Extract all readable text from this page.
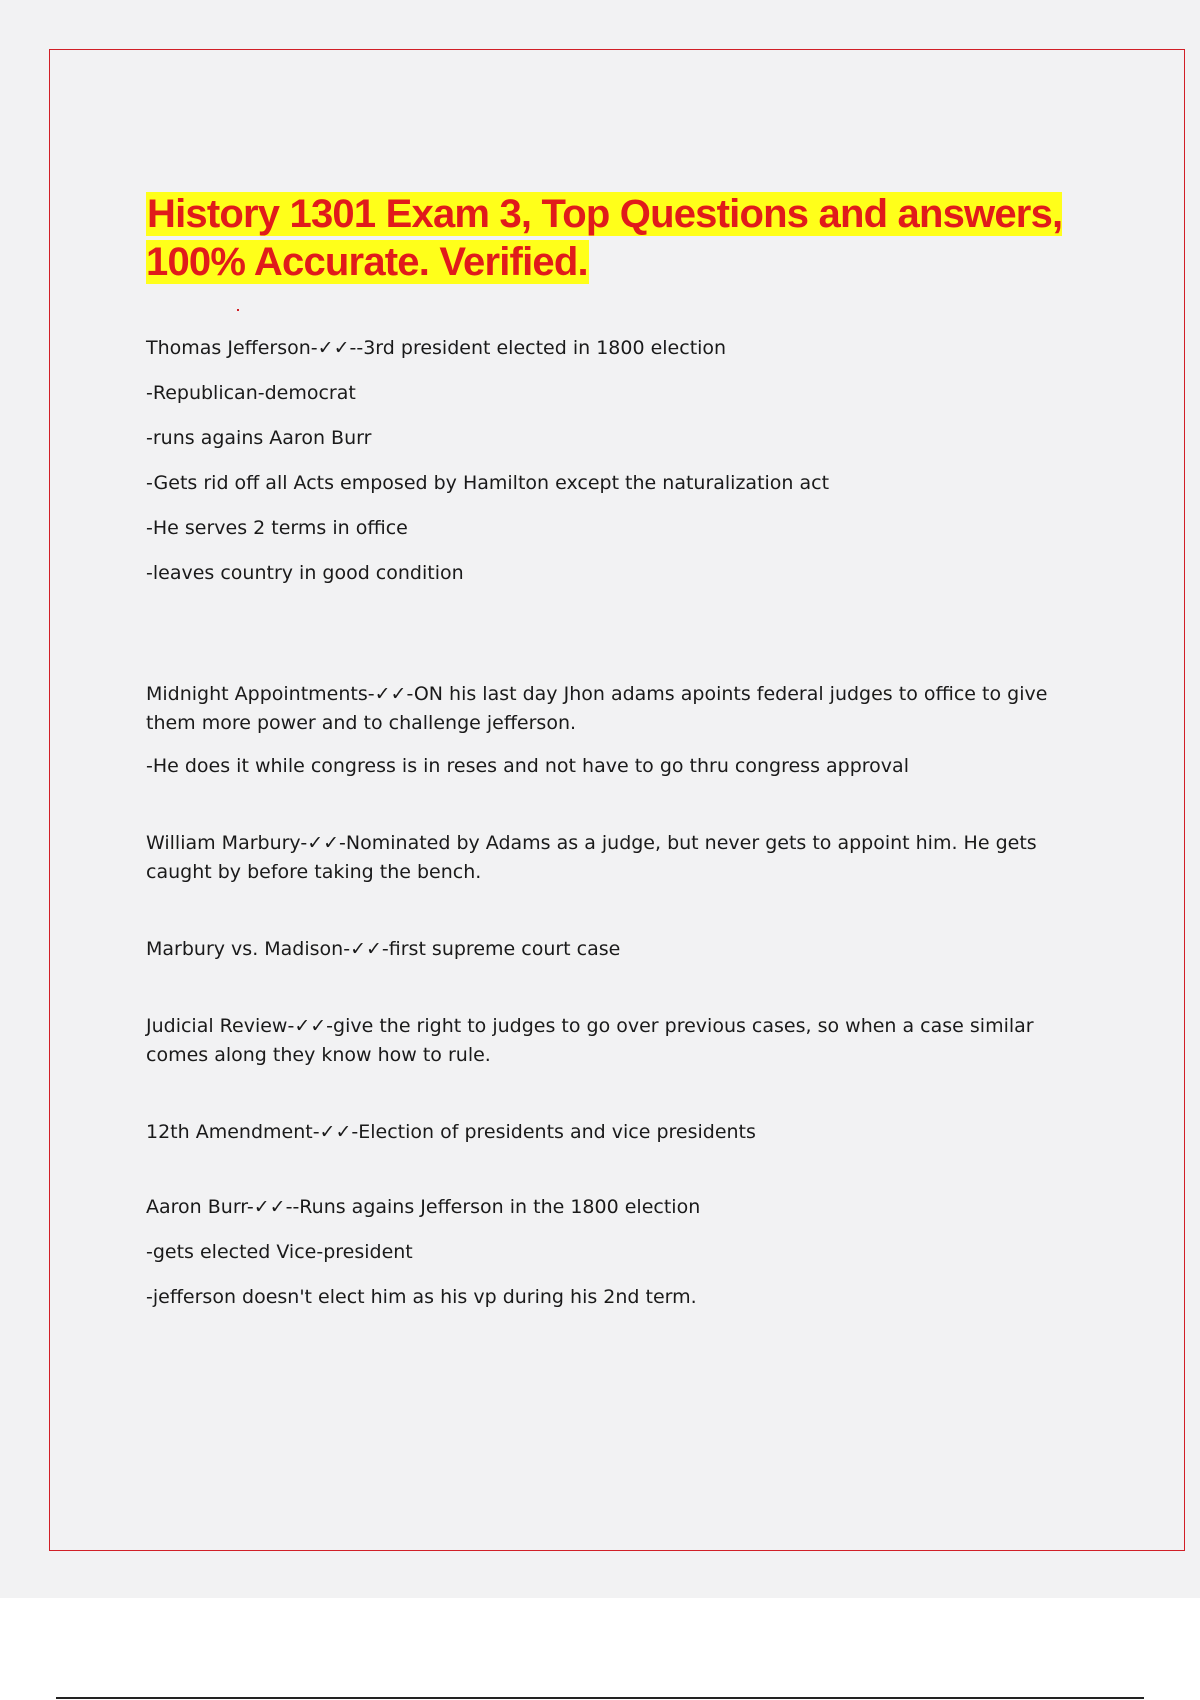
History 1301 Exam 3, Top Questions and answers,
100% Accurate. Verified.

Thomas Jefferson-✓✓--3rd president elected in 1800 election

-Republican-democrat

-runs agains Aaron Burr

-Gets rid off all Acts emposed by Hamilton except the naturalization act

-He serves 2 terms in office

-leaves country in good condition

Midnight Appointments-✓✓-ON his last day Jhon adams apoints federal judges to office to give them more power and to challenge jefferson.

-He does it while congress is in reses and not have to go thru congress approval

William Marbury-✓✓-Nominated by Adams as a judge, but never gets to appoint him. He gets caught by before taking the bench.

Marbury vs. Madison-✓✓-first supreme court case

Judicial Review-✓✓-give the right to judges to go over previous cases, so when a case similar comes along they know how to rule.

12th Amendment-✓✓-Election of presidents and vice presidents

Aaron Burr-✓✓--Runs agains Jefferson in the 1800 election

-gets elected Vice-president

-jefferson doesn't elect him as his vp during his 2nd term.
